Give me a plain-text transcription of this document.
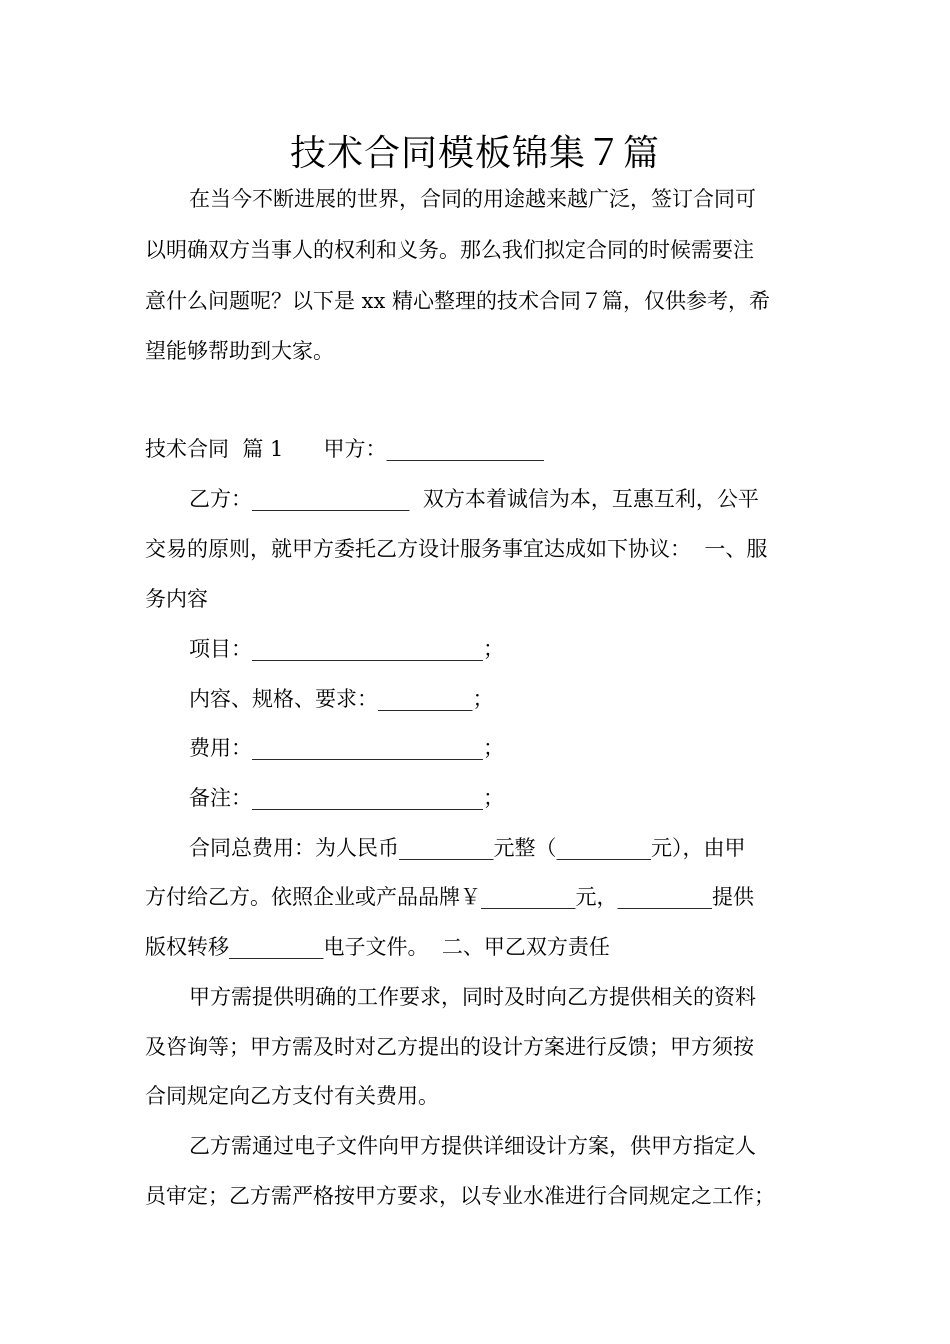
技术合同模板锦集７篇
在当今不断进展的世界，合同的用途越来越广泛，签订合同可
以明确双方当事人的权利和义务。那么我们拟定合同的时候需要注
意什么问题呢？以下是 xx 精心整理的技术合同７篇，仅供参考，希
望能够帮助到大家。
技术合同  篇 1      甲方：_______________
乙方：_______________  双方本着诚信为本，互惠互利，公平
交易的原则，就甲方委托乙方设计服务事宜达成如下协议：  一、服
务内容
项目：______________________；
内容、规格、要求：_________；
费用：______________________；
备注：______________________；
合同总费用：为人民币_________元整（_________元），由甲
方付给乙方。依照企业或产品品牌￥_________元，_________提供
版权转移_________电子文件。  二、甲乙双方责任
甲方需提供明确的工作要求，同时及时向乙方提供相关的资料
及咨询等；甲方需及时对乙方提出的设计方案进行反馈；甲方须按
合同规定向乙方支付有关费用。
乙方需通过电子文件向甲方提供详细设计方案，供甲方指定人
员审定；乙方需严格按甲方要求，以专业水准进行合同规定之工作；
